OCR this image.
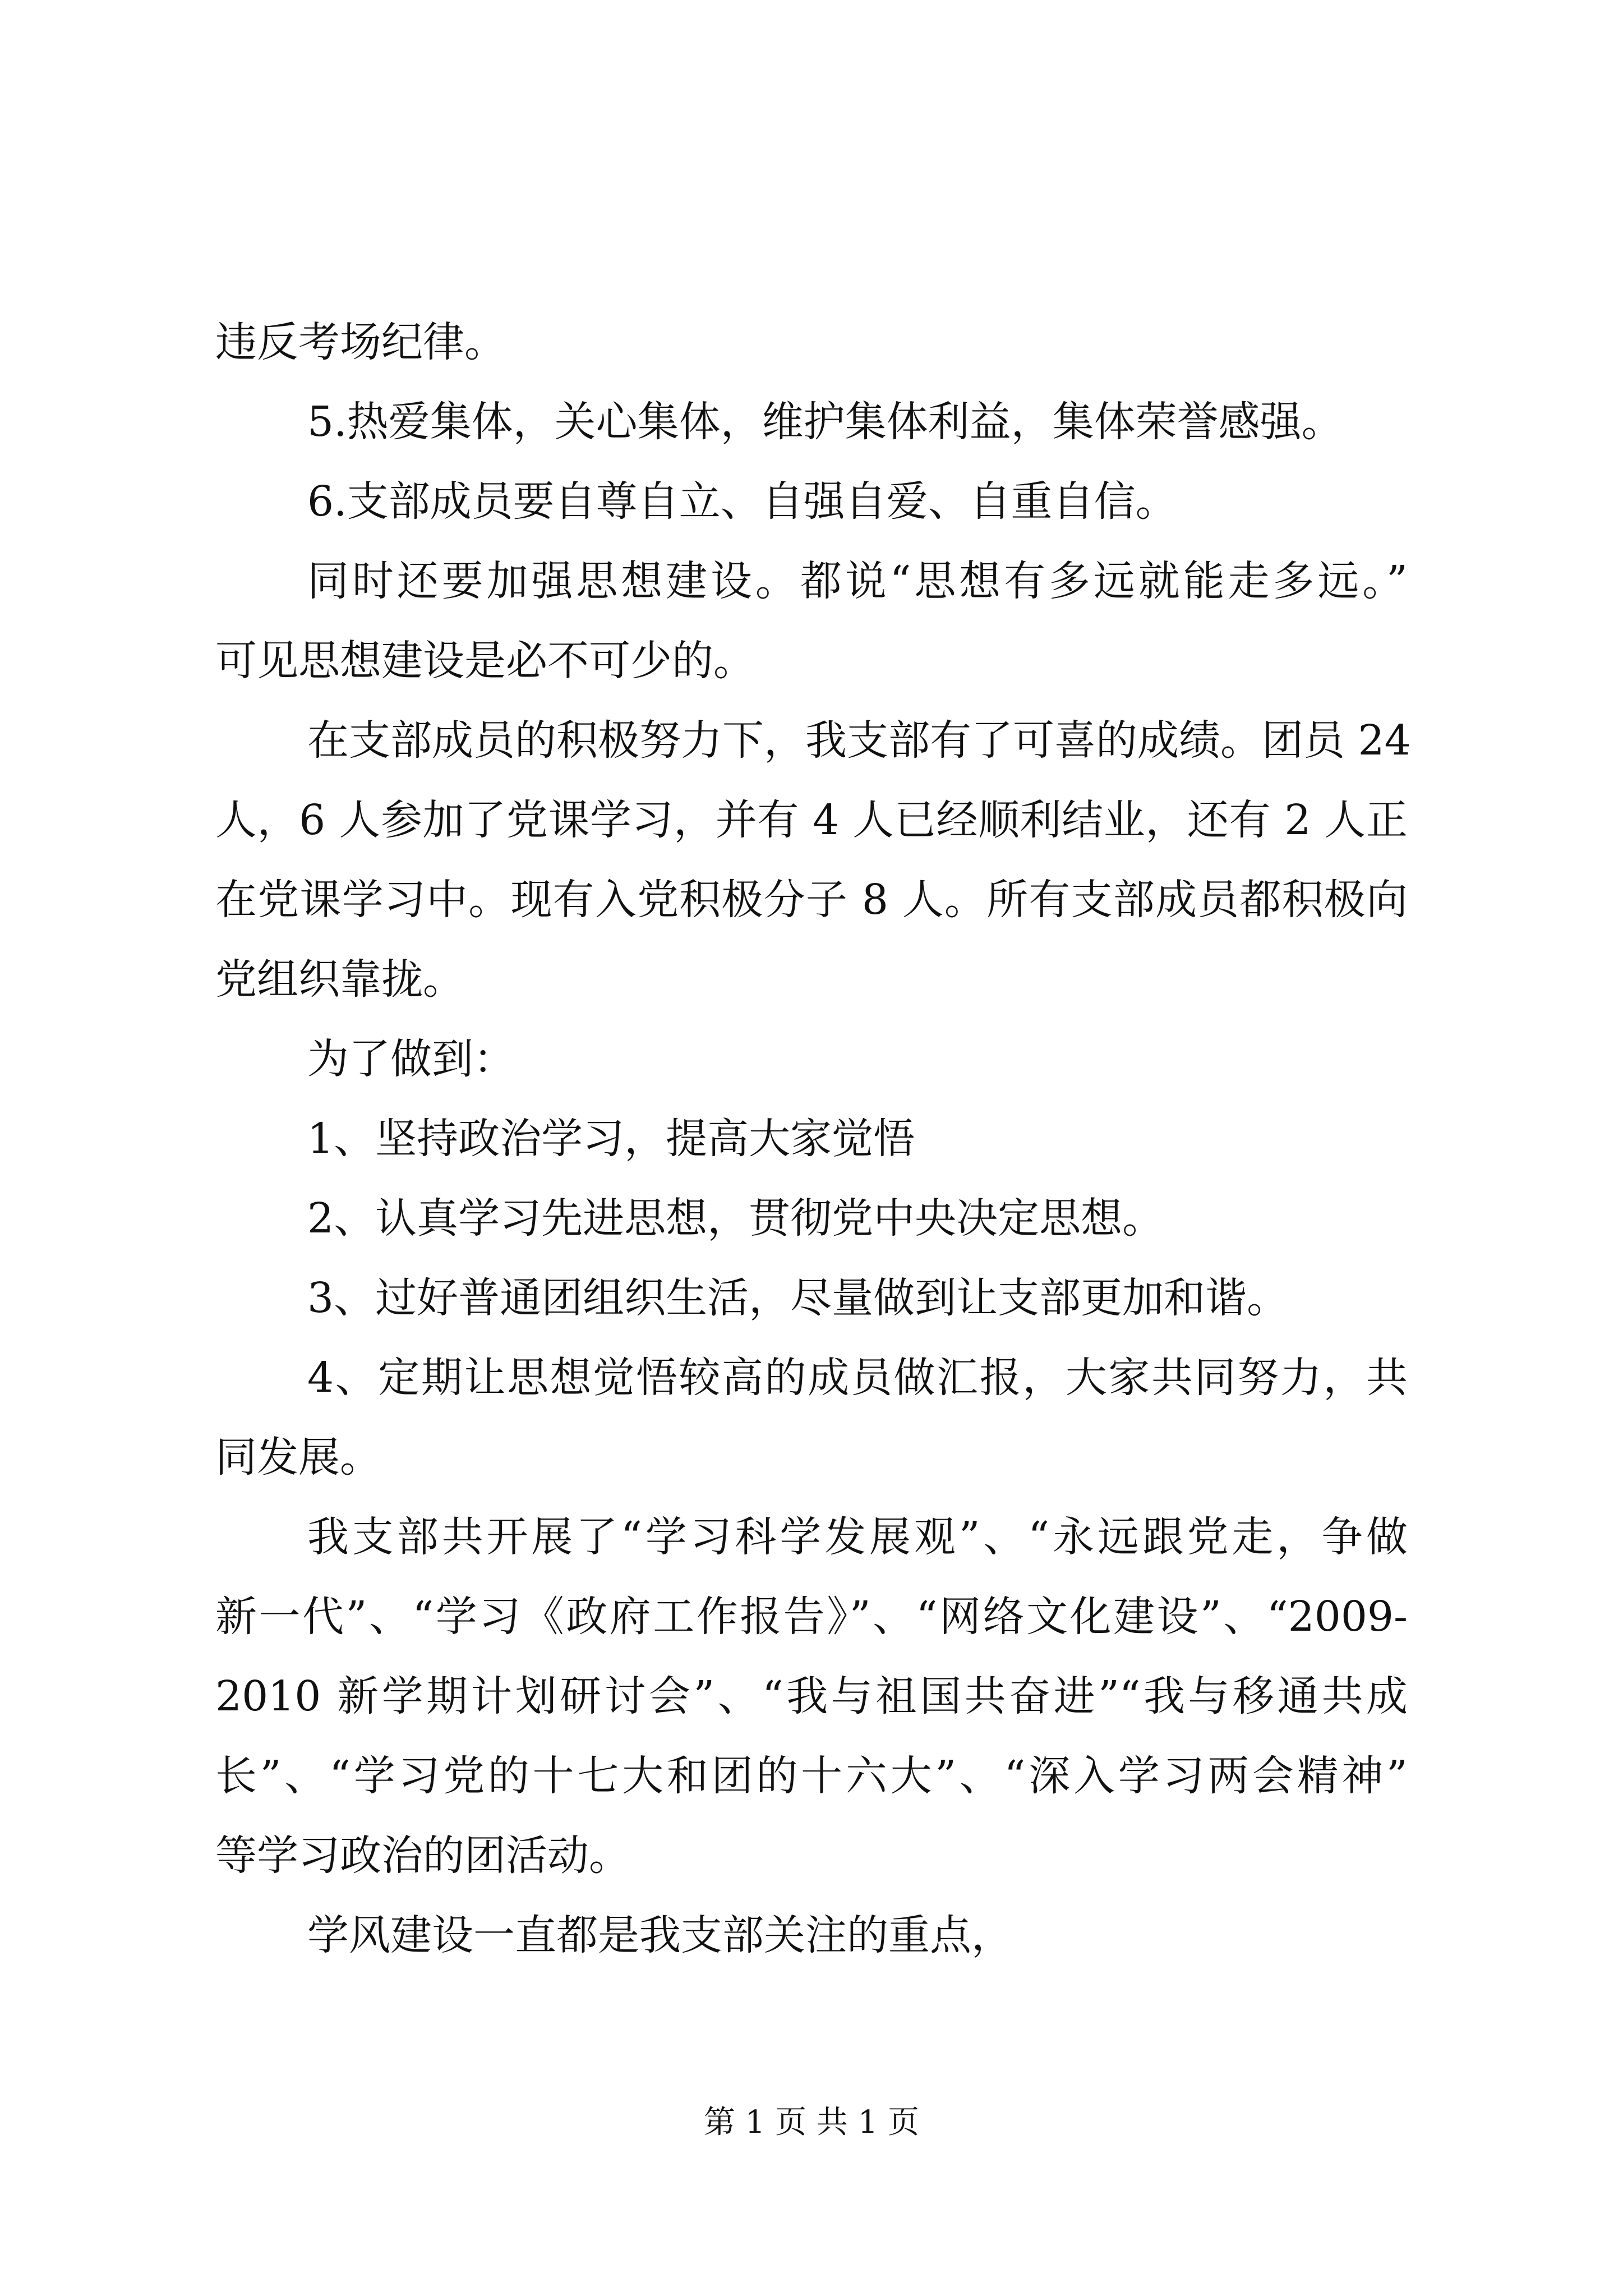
违反考场纪律。
5.热爱集体，关心集体，维护集体利益，集体荣誉感强。
6.支部成员要自尊自立、自强自爱、自重自信。
同时还要加强思想建设。都说“思想有多远就能走多远。”
可见思想建设是必不可少的。
在支部成员的积极努力下，我支部有了可喜的成绩。团员 24
人，6 人参加了党课学习，并有 4 人已经顺利结业，还有 2 人正
在党课学习中。现有入党积极分子 8 人。所有支部成员都积极向
党组织靠拢。
为了做到：
1、坚持政治学习，提高大家觉悟
2、认真学习先进思想，贯彻党中央决定思想。
3、过好普通团组织生活，尽量做到让支部更加和谐。
4、定期让思想觉悟较高的成员做汇报，大家共同努力，共
同发展。
我支部共开展了“学习科学发展观”、“永远跟党走，争做
新一代”、“学习《政府工作报告》”、“网络文化建设”、“2009-
2010 新学期计划研讨会”、“我与祖国共奋进”“我与移通共成
长”、“学习党的十七大和团的十六大”、“深入学习两会精神”
等学习政治的团活动。
学风建设一直都是我支部关注的重点，
第 1 页 共 1 页
